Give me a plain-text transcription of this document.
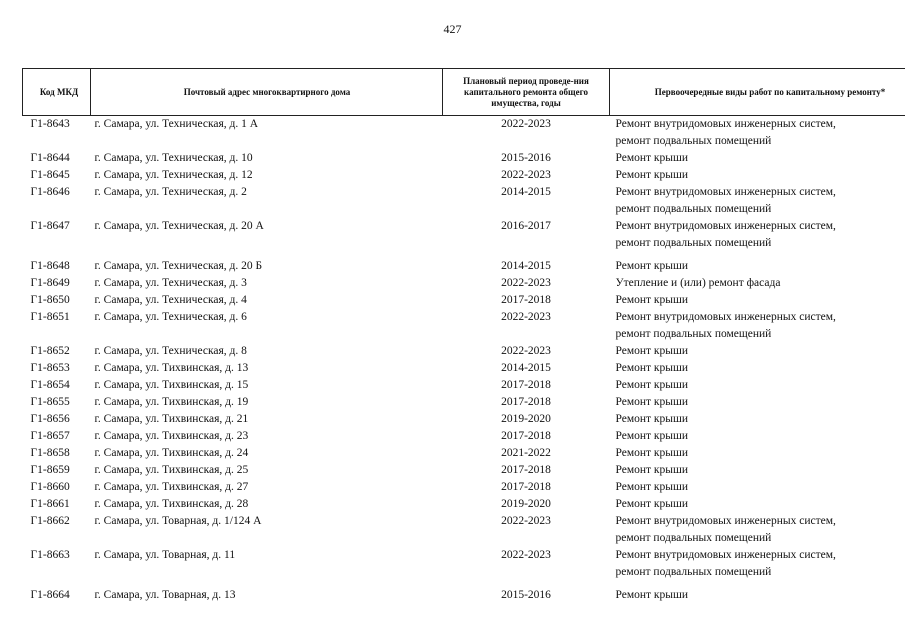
427
Код МКД	Почтовый адрес многоквартирного дома	Плановый период проведе-ния капитального ремонта общего имущества, годы	Первоочередные виды работ по капитальному ремонту*
Г1-8643	г. Самара, ул. Техническая, д. 1 А	2022-2023	Ремонт внутридомовых инженерных систем,
ремонт подвальных помещений

Г1-8644	г. Самара, ул. Техническая, д. 10	2015-2016	Ремонт крыши

Г1-8645	г. Самара, ул. Техническая, д. 12	2022-2023	Ремонт крыши

Г1-8646	г. Самара, ул. Техническая, д. 2	2014-2015	Ремонт внутридомовых инженерных систем,
ремонт подвальных помещений

Г1-8647	г. Самара, ул. Техническая, д. 20 А	2016-2017	Ремонт внутридомовых инженерных систем,
ремонт подвальных помещений

Г1-8648	г. Самара, ул. Техническая, д. 20 Б	2014-2015	Ремонт крыши

Г1-8649	г. Самара, ул. Техническая, д. 3	2022-2023	Утепление и (или) ремонт фасада

Г1-8650	г. Самара, ул. Техническая, д. 4	2017-2018	Ремонт крыши

Г1-8651	г. Самара, ул. Техническая, д. 6	2022-2023	Ремонт внутридомовых инженерных систем,
ремонт подвальных помещений

Г1-8652	г. Самара, ул. Техническая, д. 8	2022-2023	Ремонт крыши

Г1-8653	г. Самара, ул. Тихвинская, д. 13	2014-2015	Ремонт крыши

Г1-8654	г. Самара, ул. Тихвинская, д. 15	2017-2018	Ремонт крыши

Г1-8655	г. Самара, ул. Тихвинская, д. 19	2017-2018	Ремонт крыши

Г1-8656	г. Самара, ул. Тихвинская, д. 21	2019-2020	Ремонт крыши

Г1-8657	г. Самара, ул. Тихвинская, д. 23	2017-2018	Ремонт крыши

Г1-8658	г. Самара, ул. Тихвинская, д. 24	2021-2022	Ремонт крыши

Г1-8659	г. Самара, ул. Тихвинская, д. 25	2017-2018	Ремонт крыши

Г1-8660	г. Самара, ул. Тихвинская, д. 27	2017-2018	Ремонт крыши

Г1-8661	г. Самара, ул. Тихвинская, д. 28	2019-2020	Ремонт крыши

Г1-8662	г. Самара, ул. Товарная, д. 1/124 А	2022-2023	Ремонт внутридомовых инженерных систем,
ремонт подвальных помещений

Г1-8663	г. Самара, ул. Товарная, д. 11	2022-2023	Ремонт внутридомовых инженерных систем,
ремонт подвальных помещений

Г1-8664	г. Самара, ул. Товарная, д. 13	2015-2016	Ремонт крыши
